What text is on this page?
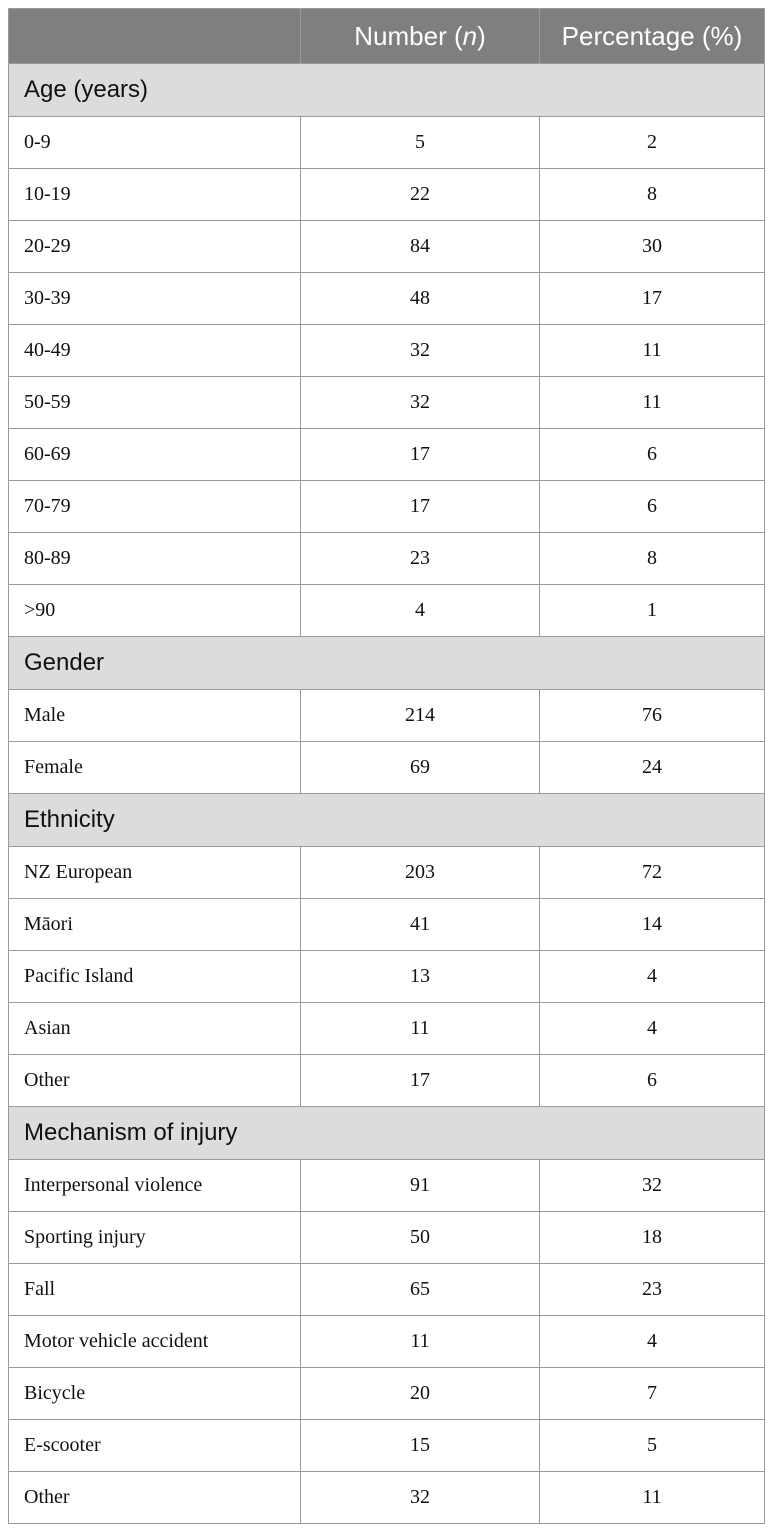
	Number (n)	Percentage (%)
Age (years)		
0-9	5	2
10-19	22	8
20-29	84	30
30-39	48	17
40-49	32	11
50-59	32	11
60-69	17	6
70-79	17	6
80-89	23	8
>90	4	1
Gender		
Male	214	76
Female	69	24
Ethnicity		
NZ European	203	72
Māori	41	14
Pacific Island	13	4
Asian	11	4
Other	17	6
Mechanism of injury		
Interpersonal violence	91	32
Sporting injury	50	18
Fall	65	23
Motor vehicle accident	11	4
Bicycle	20	7
E-scooter	15	5
Other	32	11
